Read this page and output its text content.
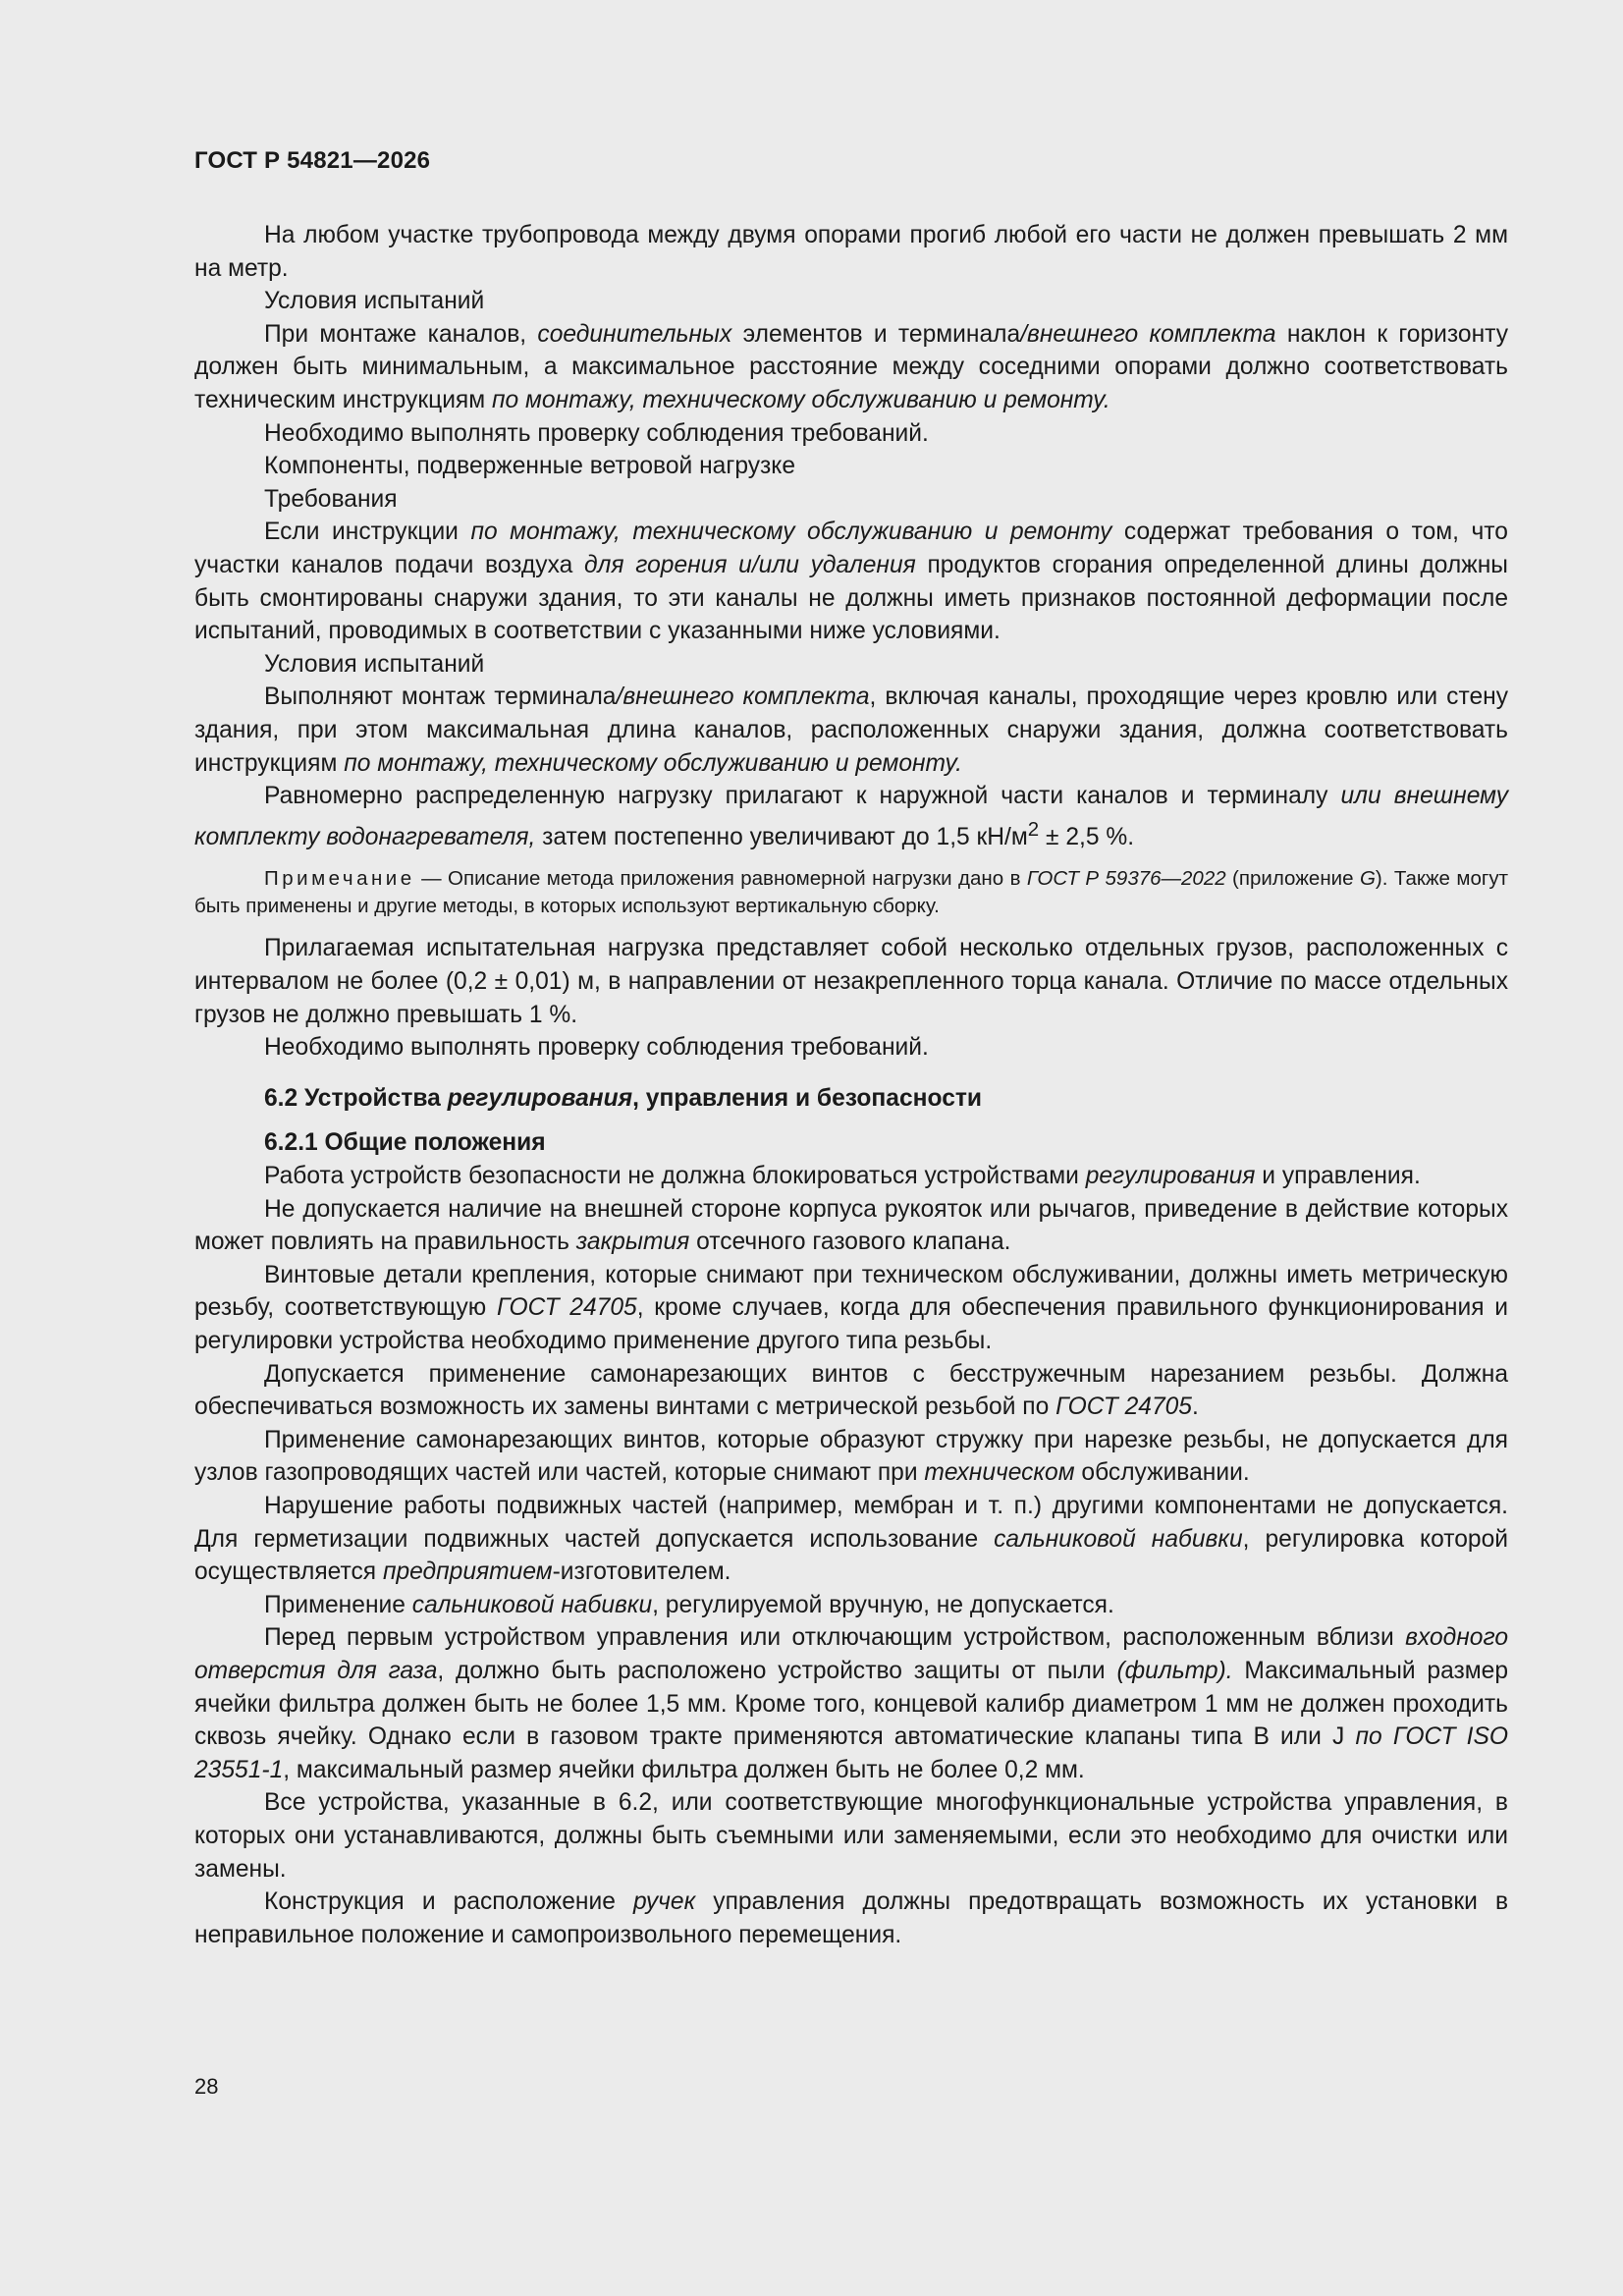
ГОСТ Р 54821—2026

На любом участке трубопровода между двумя опорами прогиб любой его части не должен превышать 2 мм на метр.

Условия испытаний

При монтаже каналов, соединительных элементов и терминала/внешнего комплекта наклон к горизонту должен быть минимальным, а максимальное расстояние между соседними опорами должно соответствовать техническим инструкциям по монтажу, техническому обслуживанию и ремонту.

Необходимо выполнять проверку соблюдения требований.

Компоненты, подверженные ветровой нагрузке

Требования

Если инструкции по монтажу, техническому обслуживанию и ремонту содержат требования о том, что участки каналов подачи воздуха для горения и/или удаления продуктов сгорания определенной длины должны быть смонтированы снаружи здания, то эти каналы не должны иметь признаков постоянной деформации после испытаний, проводимых в соответствии с указанными ниже условиями.

Условия испытаний

Выполняют монтаж терминала/внешнего комплекта, включая каналы, проходящие через кровлю или стену здания, при этом максимальная длина каналов, расположенных снаружи здания, должна соответствовать инструкциям по монтажу, техническому обслуживанию и ремонту.

Равномерно распределенную нагрузку прилагают к наружной части каналов и терминалу или внешнему комплекту водонагревателя, затем постепенно увеличивают до 1,5 $кН/м^2 \pm 2,5$ %.

Примечание — Описание метода приложения равномерной нагрузки дано в ГОСТ Р 59376—2022 (приложение G). Также могут быть применены и другие методы, в которых используют вертикальную сборку.

Прилагаемая испытательная нагрузка представляет собой несколько отдельных грузов, расположенных с интервалом не более (0,2 ± 0,01) м, в направлении от незакрепленного торца канала. Отличие по массе отдельных грузов не должно превышать 1 %.

Необходимо выполнять проверку соблюдения требований.

6.2 Устройства регулирования, управления и безопасности

6.2.1 Общие положения

Работа устройств безопасности не должна блокироваться устройствами регулирования и управления.

Не допускается наличие на внешней стороне корпуса рукояток или рычагов, приведение в действие которых может повлиять на правильность закрытия отсечного газового клапана.

Винтовые детали крепления, которые снимают при техническом обслуживании, должны иметь метрическую резьбу, соответствующую ГОСТ 24705, кроме случаев, когда для обеспечения правильного функционирования и регулировки устройства необходимо применение другого типа резьбы.

Допускается применение самонарезающих винтов с бесстружечным нарезанием резьбы. Должна обеспечиваться возможность их замены винтами с метрической резьбой по ГОСТ 24705.

Применение самонарезающих винтов, которые образуют стружку при нарезке резьбы, не допускается для узлов газопроводящих частей или частей, которые снимают при техническом обслуживании.

Нарушение работы подвижных частей (например, мембран и т. п.) другими компонентами не допускается. Для герметизации подвижных частей допускается использование сальниковой набивки, регулировка которой осуществляется предприятием-изготовителем.

Применение сальниковой набивки, регулируемой вручную, не допускается.

Перед первым устройством управления или отключающим устройством, расположенным вблизи входного отверстия для газа, должно быть расположено устройство защиты от пыли (фильтр). Максимальный размер ячейки фильтра должен быть не более 1,5 мм. Кроме того, концевой калибр диаметром 1 мм не должен проходить сквозь ячейку. Однако если в газовом тракте применяются автоматические клапаны типа B или J по ГОСТ ISO 23551-1, максимальный размер ячейки фильтра должен быть не более 0,2 мм.

Все устройства, указанные в 6.2, или соответствующие многофункциональные устройства управления, в которых они устанавливаются, должны быть съемными или заменяемыми, если это необходимо для очистки или замены.

Конструкция и расположение ручек управления должны предотвращать возможность их установки в неправильное положение и самопроизвольного перемещения.

28
